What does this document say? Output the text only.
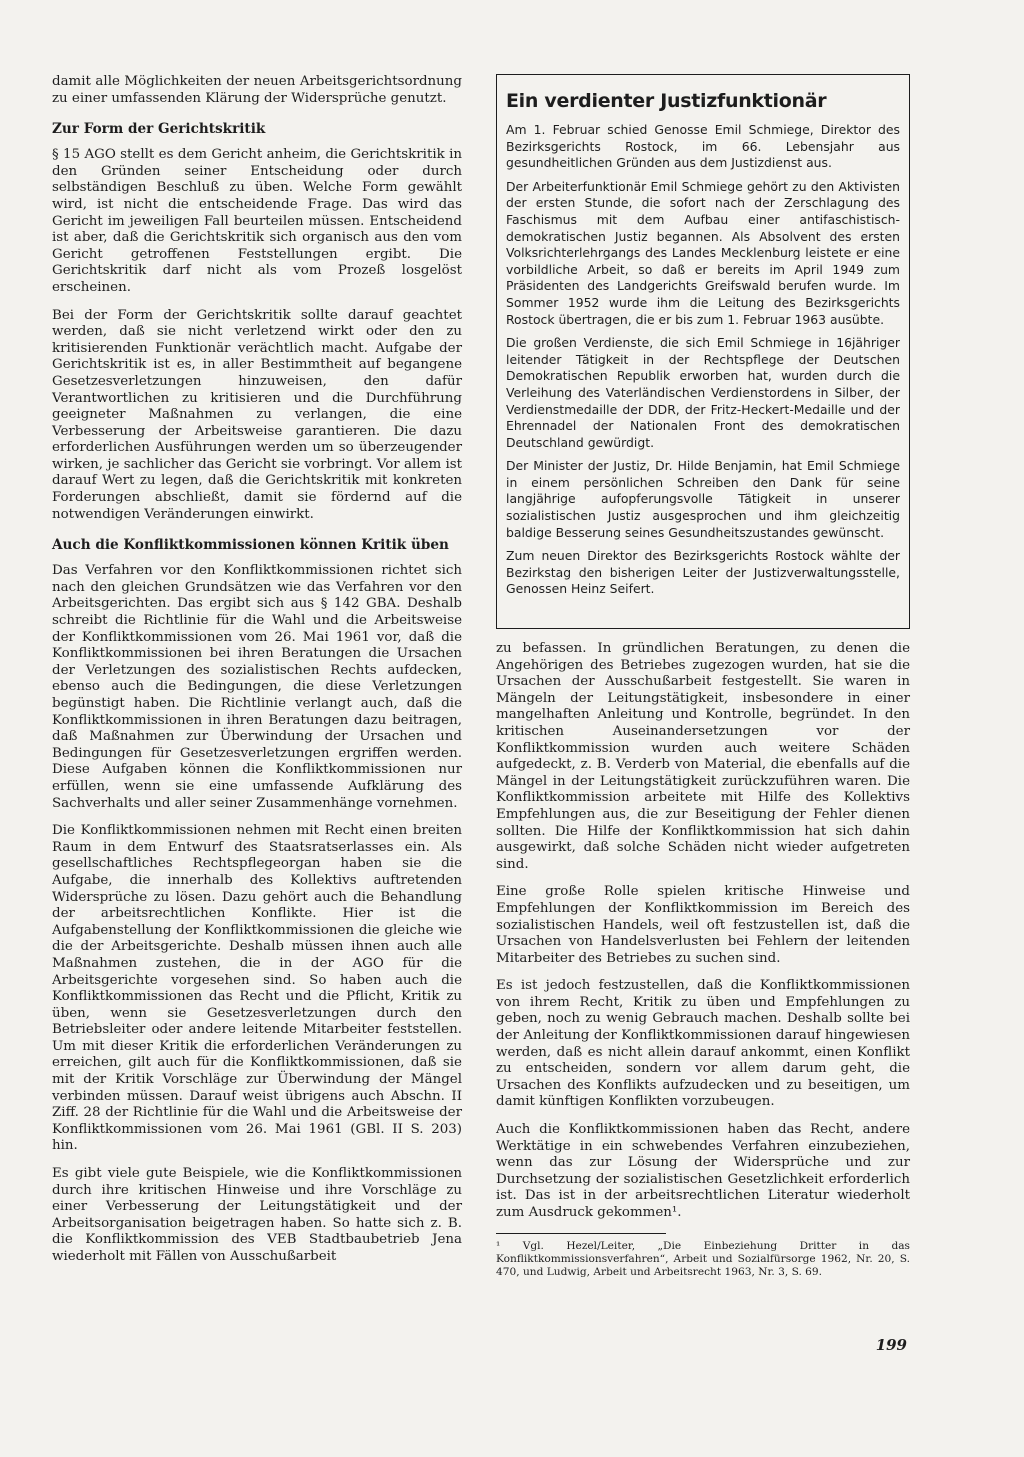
damit alle Möglichkeiten der neuen Arbeitsgerichtsordnung zu einer umfassenden Klärung der Widersprüche genutzt.

Zur Form der Gerichtskritik

§ 15 AGO stellt es dem Gericht anheim, die Gerichtskritik in den Gründen seiner Entscheidung oder durch selbständigen Beschluß zu üben. Welche Form gewählt wird, ist nicht die entscheidende Frage. Das wird das Gericht im jeweiligen Fall beurteilen müssen. Entscheidend ist aber, daß die Gerichtskritik sich organisch aus den vom Gericht getroffenen Feststellungen ergibt. Die Gerichtskritik darf nicht als vom Prozeß losgelöst erscheinen.

Bei der Form der Gerichtskritik sollte darauf geachtet werden, daß sie nicht verletzend wirkt oder den zu kritisierenden Funktionär verächtlich macht. Aufgabe der Gerichtskritik ist es, in aller Bestimmtheit auf begangene Gesetzesverletzungen hinzuweisen, den dafür Verantwortlichen zu kritisieren und die Durchführung geeigneter Maßnahmen zu verlangen, die eine Verbesserung der Arbeitsweise garantieren. Die dazu erforderlichen Ausführungen werden um so überzeugender wirken, je sachlicher das Gericht sie vorbringt. Vor allem ist darauf Wert zu legen, daß die Gerichtskritik mit konkreten Forderungen abschließt, damit sie fördernd auf die notwendigen Veränderungen einwirkt.

Auch die Konfliktkommissionen können Kritik üben

Das Verfahren vor den Konfliktkommissionen richtet sich nach den gleichen Grundsätzen wie das Verfahren vor den Arbeitsgerichten. Das ergibt sich aus § 142 GBA. Deshalb schreibt die Richtlinie für die Wahl und die Arbeitsweise der Konfliktkommissionen vom 26. Mai 1961 vor, daß die Konfliktkommissionen bei ihren Beratungen die Ursachen der Verletzungen des sozialistischen Rechts aufdecken, ebenso auch die Bedingungen, die diese Verletzungen begünstigt haben. Die Richtlinie verlangt auch, daß die Konfliktkommissionen in ihren Beratungen dazu beitragen, daß Maßnahmen zur Überwindung der Ursachen und Bedingungen für Gesetzesverletzungen ergriffen werden. Diese Aufgaben können die Konfliktkommissionen nur erfüllen, wenn sie eine umfassende Aufklärung des Sachverhalts und aller seiner Zusammenhänge vornehmen.

Die Konfliktkommissionen nehmen mit Recht einen breiten Raum in dem Entwurf des Staatsratserlasses ein. Als gesellschaftliches Rechtspflegeorgan haben sie die Aufgabe, die innerhalb des Kollektivs auftretenden Widersprüche zu lösen. Dazu gehört auch die Behandlung der arbeitsrechtlichen Konflikte. Hier ist die Aufgabenstellung der Konfliktkommissionen die gleiche wie die der Arbeitsgerichte. Deshalb müssen ihnen auch alle Maßnahmen zustehen, die in der AGO für die Arbeitsgerichte vorgesehen sind. So haben auch die Konfliktkommissionen das Recht und die Pflicht, Kritik zu üben, wenn sie Gesetzesverletzungen durch den Betriebsleiter oder andere leitende Mitarbeiter feststellen. Um mit dieser Kritik die erforderlichen Veränderungen zu erreichen, gilt auch für die Konfliktkommissionen, daß sie mit der Kritik Vorschläge zur Überwindung der Mängel verbinden müssen. Darauf weist übrigens auch Abschn. II Ziff. 28 der Richtlinie für die Wahl und die Arbeitsweise der Konfliktkommissionen vom 26. Mai 1961 (GBl. II S. 203) hin.

Es gibt viele gute Beispiele, wie die Konfliktkommissionen durch ihre kritischen Hinweise und ihre Vorschläge zu einer Verbesserung der Leitungstätigkeit und der Arbeitsorganisation beigetragen haben. So hatte sich z. B. die Konfliktkommission des VEB Stadtbaubetrieb Jena wiederholt mit Fällen von Ausschußarbeit

Ein verdienter Justizfunktionär

Am 1. Februar schied Genosse Emil Schmiege, Direktor des Bezirksgerichts Rostock, im 66. Lebensjahr aus gesundheitlichen Gründen aus dem Justizdienst aus.

Der Arbeiterfunktionär Emil Schmiege gehört zu den Aktivisten der ersten Stunde, die sofort nach der Zerschlagung des Faschismus mit dem Aufbau einer antifaschistisch-demokratischen Justiz begannen. Als Absolvent des ersten Volksrichterlehrgangs des Landes Mecklenburg leistete er eine vorbildliche Arbeit, so daß er bereits im April 1949 zum Präsidenten des Landgerichts Greifswald berufen wurde. Im Sommer 1952 wurde ihm die Leitung des Bezirksgerichts Rostock übertragen, die er bis zum 1. Februar 1963 ausübte.

Die großen Verdienste, die sich Emil Schmiege in 16jähriger leitender Tätigkeit in der Rechtspflege der Deutschen Demokratischen Republik erworben hat, wurden durch die Verleihung des Vaterländischen Verdienstordens in Silber, der Verdienstmedaille der DDR, der Fritz-Heckert-Medaille und der Ehrennadel der Nationalen Front des demokratischen Deutschland gewürdigt.

Der Minister der Justiz, Dr. Hilde Benjamin, hat Emil Schmiege in einem persönlichen Schreiben den Dank für seine langjährige aufopferungsvolle Tätigkeit in unserer sozialistischen Justiz ausgesprochen und ihm gleichzeitig baldige Besserung seines Gesundheitszustandes gewünscht.

Zum neuen Direktor des Bezirksgerichts Rostock wählte der Bezirkstag den bisherigen Leiter der Justizverwaltungsstelle, Genossen Heinz Seifert.

zu befassen. In gründlichen Beratungen, zu denen die Angehörigen des Betriebes zugezogen wurden, hat sie die Ursachen der Ausschußarbeit festgestellt. Sie waren in Mängeln der Leitungstätigkeit, insbesondere in einer mangelhaften Anleitung und Kontrolle, begründet. In den kritischen Auseinandersetzungen vor der Konfliktkommission wurden auch weitere Schäden aufgedeckt, z. B. Verderb von Material, die ebenfalls auf die Mängel in der Leitungstätigkeit zurückzuführen waren. Die Konfliktkommission arbeitete mit Hilfe des Kollektivs Empfehlungen aus, die zur Beseitigung der Fehler dienen sollten. Die Hilfe der Konfliktkommission hat sich dahin ausgewirkt, daß solche Schäden nicht wieder aufgetreten sind.

Eine große Rolle spielen kritische Hinweise und Empfehlungen der Konfliktkommission im Bereich des sozialistischen Handels, weil oft festzustellen ist, daß die Ursachen von Handelsverlusten bei Fehlern der leitenden Mitarbeiter des Betriebes zu suchen sind.

Es ist jedoch festzustellen, daß die Konfliktkommissionen von ihrem Recht, Kritik zu üben und Empfehlungen zu geben, noch zu wenig Gebrauch machen. Deshalb sollte bei der Anleitung der Konfliktkommissionen darauf hingewiesen werden, daß es nicht allein darauf ankommt, einen Konflikt zu entscheiden, sondern vor allem darum geht, die Ursachen des Konflikts aufzudecken und zu beseitigen, um damit künftigen Konflikten vorzubeugen.

Auch die Konfliktkommissionen haben das Recht, andere Werktätige in ein schwebendes Verfahren einzubeziehen, wenn das zur Lösung der Widersprüche und zur Durchsetzung der sozialistischen Gesetzlichkeit erforderlich ist. Das ist in der arbeitsrechtlichen Literatur wiederholt zum Ausdruck gekommen¹.

¹ Vgl. Hezel/Leiter, „Die Einbeziehung Dritter in das Konfliktkommissionsverfahren“, Arbeit und Sozialfürsorge 1962, Nr. 20, S. 470, und Ludwig, Arbeit und Arbeitsrecht 1963, Nr. 3, S. 69.
199
